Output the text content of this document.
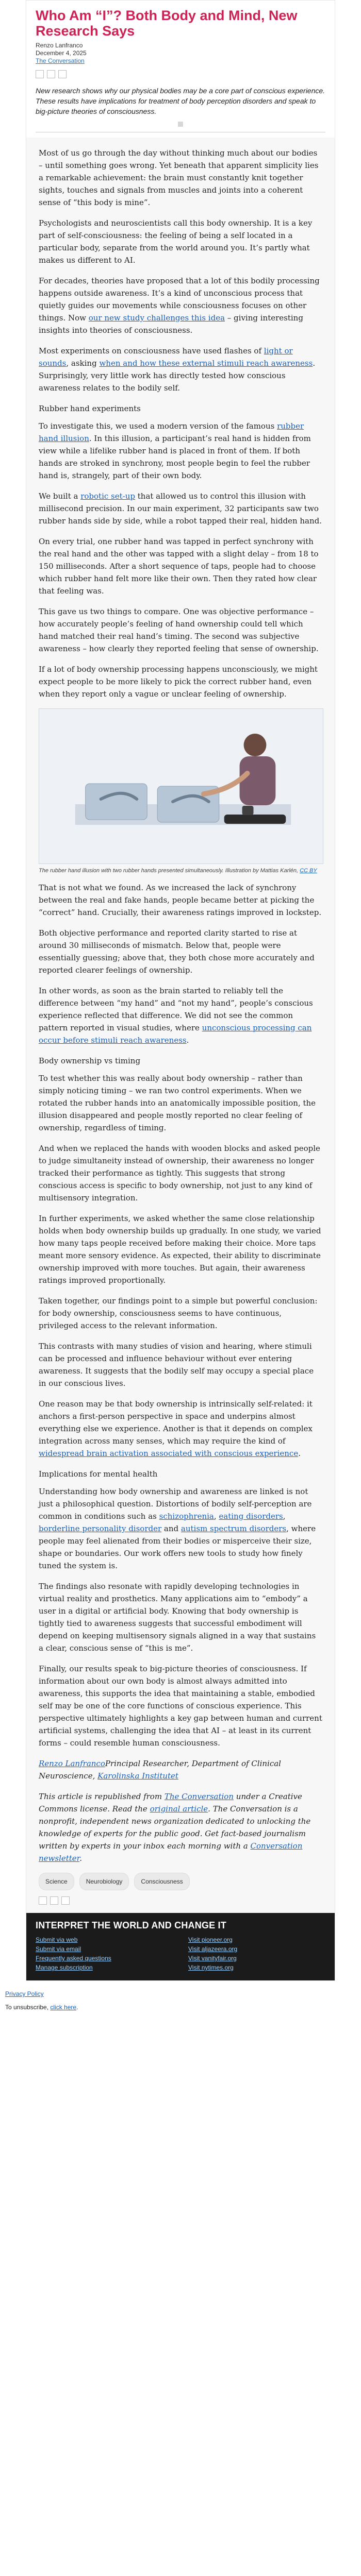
Who Am “I”? Both Body and Mind, New Research Says
Renzo Lanfranco
December 4, 2025
The Conversation
New research shows why our physical bodies may be a core part of conscious experience. These results have implications for treatment of body perception disorders and speak to big-picture theories of consciousness.

Most of us go through the day without thinking much about our bodies – until something goes wrong. Yet beneath that apparent simplicity lies a remarkable achievement: the brain must constantly knit together sights, touches and signals from muscles and joints into a coherent sense of “this body is mine”.

Psychologists and neuroscientists call this body ownership. It is a key part of self-consciousness: the feeling of being a self located in a particular body, separate from the world around you. It’s partly what makes us different to AI.

For decades, theories have proposed that a lot of this bodily processing happens outside awareness. It’s a kind of unconscious process that quietly guides our movements while consciousness focuses on other things. Now our new study challenges this idea – giving interesting insights into theories of consciousness.

Most experiments on consciousness have used flashes of light or sounds, asking when and how these external stimuli reach awareness. Surprisingly, very little work has directly tested how conscious awareness relates to the bodily self.

Rubber hand experiments

To investigate this, we used a modern version of the famous rubber hand illusion. In this illusion, a participant’s real hand is hidden from view while a lifelike rubber hand is placed in front of them. If both hands are stroked in synchrony, most people begin to feel the rubber hand is, strangely, part of their own body.

We built a robotic set-up that allowed us to control this illusion with millisecond precision. In our main experiment, 32 participants saw two rubber hands side by side, while a robot tapped their real, hidden hand.

On every trial, one rubber hand was tapped in perfect synchrony with the real hand and the other was tapped with a slight delay – from 18 to 150 milliseconds. After a short sequence of taps, people had to choose which rubber hand felt more like their own. Then they rated how clear that feeling was.

This gave us two things to compare. One was objective performance – how accurately people’s feeling of hand ownership could tell which hand matched their real hand’s timing. The second was subjective awareness – how clearly they reported feeling that sense of ownership.

If a lot of body ownership processing happens unconsciously, we might expect people to be more likely to pick the correct rubber hand, even when they report only a vague or unclear feeling of ownership.

The rubber hand illusion with two rubber hands presented simultaneously. Illustration by Mattias Karlén, CC BY

That is not what we found. As we increased the lack of synchrony between the real and fake hands, people became better at picking the “correct” hand. Crucially, their awareness ratings improved in lockstep.

Both objective performance and reported clarity started to rise at around 30 milliseconds of mismatch. Below that, people were essentially guessing; above that, they both chose more accurately and reported clearer feelings of ownership.

In other words, as soon as the brain started to reliably tell the difference between “my hand” and “not my hand”, people’s conscious experience reflected that difference. We did not see the common pattern reported in visual studies, where unconscious processing can occur before stimuli reach awareness.

Body ownership vs timing

To test whether this was really about body ownership – rather than simply noticing timing – we ran two control experiments. When we rotated the rubber hands into an anatomically impossible position, the illusion disappeared and people mostly reported no clear feeling of ownership, regardless of timing.

And when we replaced the hands with wooden blocks and asked people to judge simultaneity instead of ownership, their awareness no longer tracked their performance as tightly. This suggests that strong conscious access is specific to body ownership, not just to any kind of multisensory integration.

In further experiments, we asked whether the same close relationship holds when body ownership builds up gradually. In one study, we varied how many taps people received before making their choice. More taps meant more sensory evidence. As expected, their ability to discriminate ownership improved with more touches. But again, their awareness ratings improved proportionally.

Taken together, our findings point to a simple but powerful conclusion: for body ownership, consciousness seems to have continuous, privileged access to the relevant information.

This contrasts with many studies of vision and hearing, where stimuli can be processed and influence behaviour without ever entering awareness. It suggests that the bodily self may occupy a special place in our conscious lives.

One reason may be that body ownership is intrinsically self-related: it anchors a first-person perspective in space and underpins almost everything else we experience. Another is that it depends on complex integration across many senses, which may require the kind of widespread brain activation associated with conscious experience.

Implications for mental health

Understanding how body ownership and awareness are linked is not just a philosophical question. Distortions of bodily self-perception are common in conditions such as schizophrenia, eating disorders, borderline personality disorder and autism spectrum disorders, where people may feel alienated from their bodies or misperceive their size, shape or boundaries. Our work offers new tools to study how finely tuned the system is.

The findings also resonate with rapidly developing technologies in virtual reality and prosthetics. Many applications aim to “embody” a user in a digital or artificial body. Knowing that body ownership is tightly tied to awareness suggests that successful embodiment will depend on keeping multisensory signals aligned in a way that sustains a clear, conscious sense of “this is me”.

Finally, our results speak to big-picture theories of consciousness. If information about our own body is almost always admitted into awareness, this supports the idea that maintaining a stable, embodied self may be one of the core functions of conscious experience. This perspective ultimately highlights a key gap between human and current artificial systems, challenging the idea that AI – at least in its current forms – could resemble human consciousness.

Renzo LanfrancoPrincipal Researcher, Department of Clinical Neuroscience, Karolinska Institutet

This article is republished from The Conversation under a Creative Commons license. Read the original article. The Conversation is a nonprofit, independent news organization dedicated to unlocking the knowledge of experts for the public good. Get fact-based journalism written by experts in your inbox each morning with a Conversation newsletter.

Science	Neurobiology	Consciousness
INTERPRET THE WORLD AND CHANGE IT
Submit via web	Visit pioneer.org
Submit via email	Visit aljazeera.org
Frequently asked questions	Visit vanityfair.org
Manage subscription	Visit nytimes.org
Privacy Policy
To unsubscribe, click here.
